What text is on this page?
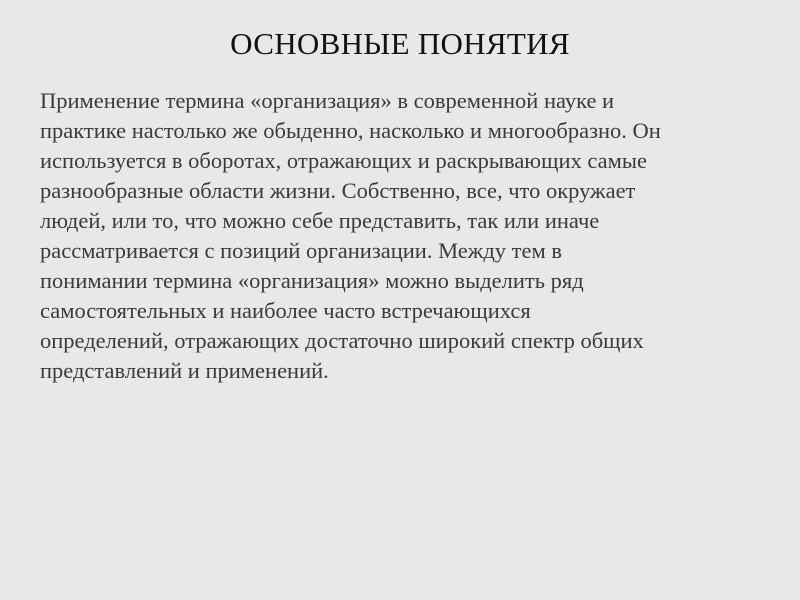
ОСНОВНЫЕ ПОНЯТИЯ
Применение термина «организация» в современной науке и
практике настолько же обыденно, насколько и многообразно. Он
используется в оборотах, отражающих и раскрывающих самые
разнообразные области жизни. Собственно, все, что окружает
людей, или то, что можно себе представить, так или иначе
рассматривается с позиций организации. Между тем в
понимании термина «организация» можно выделить ряд
самостоятельных и наиболее часто встречающихся
определений, отражающих достаточно широкий спектр общих
представлений и применений.
